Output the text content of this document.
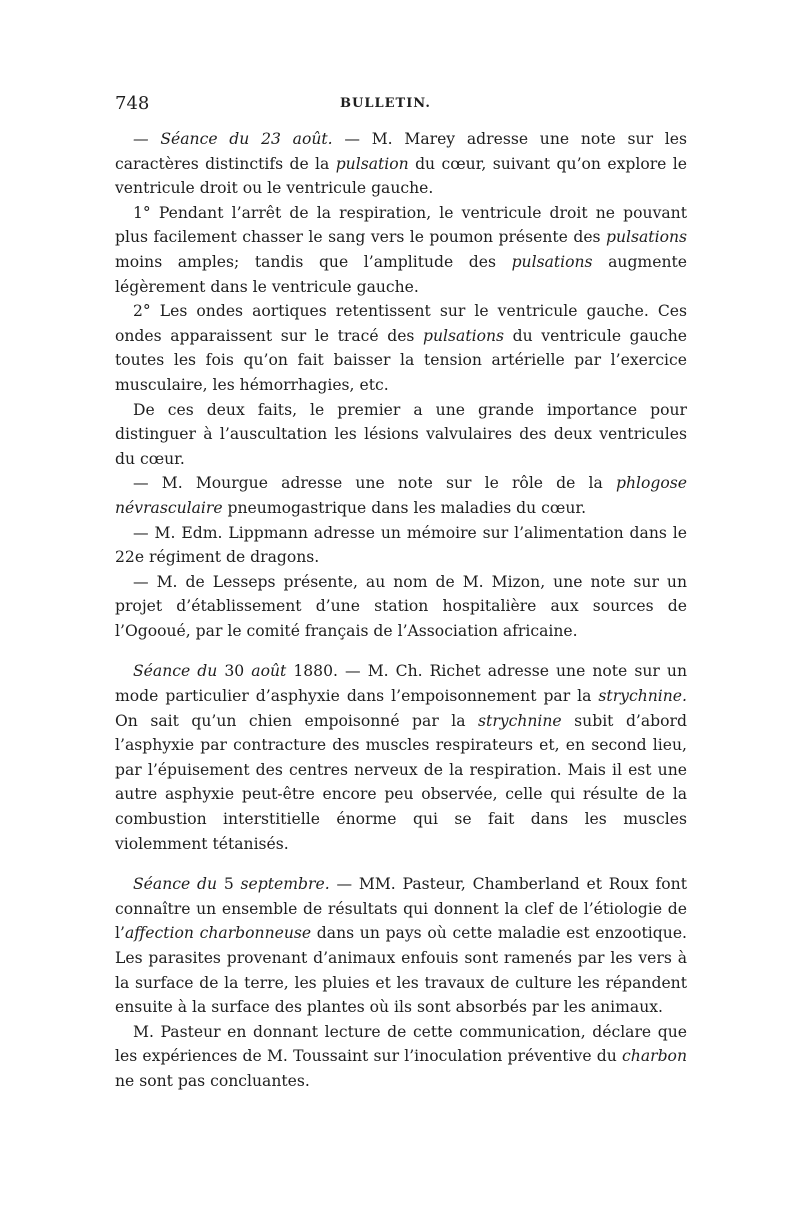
748	BULLETIN.

— Séance du 23 août. — M. Marey adresse une note sur les caractères distinctifs de la pulsation du cœur, suivant qu’on explore le ventricule droit ou le ventricule gauche.

1° Pendant l’arrêt de la respiration, le ventricule droit ne pouvant plus facilement chasser le sang vers le poumon présente des pulsations moins amples; tandis que l’amplitude des pulsations augmente légèrement dans le ventricule gauche.

2° Les ondes aortiques retentissent sur le ventricule gauche. Ces ondes apparaissent sur le tracé des pulsations du ventricule gauche toutes les fois qu’on fait baisser la tension artérielle par l’exercice musculaire, les hémorrhagies, etc.

De ces deux faits, le premier a une grande importance pour distinguer à l’auscultation les lésions valvulaires des deux ventricules du cœur.

— M. Mourgue adresse une note sur le rôle de la phlogose névrasculaire pneumogastrique dans les maladies du cœur.

— M. Edm. Lippmann adresse un mémoire sur l’alimentation dans le 22e régiment de dragons.

— M. de Lesseps présente, au nom de M. Mizon, une note sur un projet d’établissement d’une station hospitalière aux sources de l’Ogooué, par le comité français de l’Association africaine.

Séance du 30 août 1880. — M. Ch. Richet adresse une note sur un mode particulier d’asphyxie dans l’empoisonnement par la strychnine. On sait qu’un chien empoisonné par la strychnine subit d’abord l’asphyxie par contracture des muscles respirateurs et, en second lieu, par l’épuisement des centres nerveux de la respiration. Mais il est une autre asphyxie peut-être encore peu observée, celle qui résulte de la combustion interstitielle énorme qui se fait dans les muscles violemment tétanisés.

Séance du 5 septembre. — MM. Pasteur, Chamberland et Roux font connaître un ensemble de résultats qui donnent la clef de l’étiologie de l’affection charbonneuse dans un pays où cette maladie est enzootique. Les parasites provenant d’animaux enfouis sont ramenés par les vers à la surface de la terre, les pluies et les travaux de culture les répandent ensuite à la surface des plantes où ils sont absorbés par les animaux.

M. Pasteur en donnant lecture de cette communication, déclare que les expériences de M. Toussaint sur l’inoculation préventive du charbon ne sont pas concluantes.
